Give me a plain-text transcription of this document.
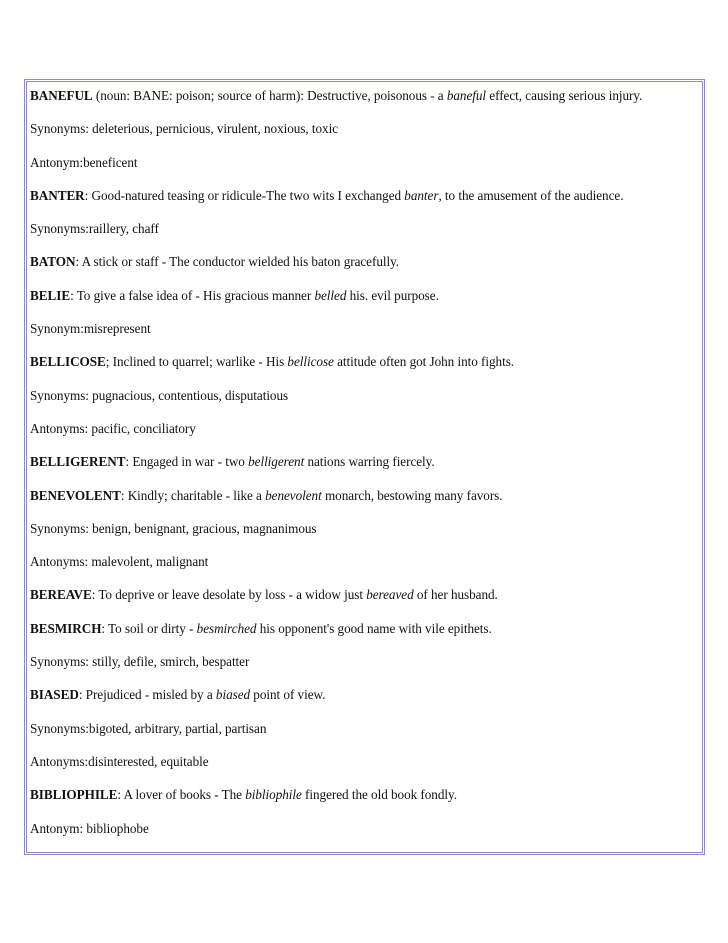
BANEFUL (noun: BANE: poison; source of harm): Destructive, poisonous - a baneful effect, causing serious injury.
Synonyms: deleterious, pernicious, virulent, noxious, toxic
Antonym:beneficent
BANTER: Good-natured teasing or ridicule-The two wits I exchanged banter, to the amusement of the audience.
Synonyms:raillery, chaff
BATON: A stick or staff - The conductor wielded his baton gracefully.
BELIE: To give a false idea of - His gracious manner belled his. evil purpose.
Synonym:misrepresent
BELLICOSE; Inclined to quarrel; warlike - His bellicose attitude often got John into fights.
Synonyms: pugnacious, contentious, disputatious
Antonyms: pacific, conciliatory
BELLIGERENT: Engaged in war - two belligerent nations warring fiercely.
BENEVOLENT: Kindly; charitable - like a benevolent monarch, bestowing many favors.
Synonyms: benign, benignant, gracious, magnanimous
Antonyms: malevolent, malignant
BEREAVE: To deprive or leave desolate by loss - a widow just bereaved of her husband.
BESMIRCH: To soil or dirty - besmirched his opponent's good name with vile epithets.
Synonyms: stilly, defile, smirch, bespatter
BIASED: Prejudiced - misled by a biased point of view.
Synonyms:bigoted, arbitrary, partial, partisan
Antonyms:disinterested, equitable
BIBLIOPHILE: A lover of books - The bibliophile fingered the old book fondly.
Antonym: bibliophobe
